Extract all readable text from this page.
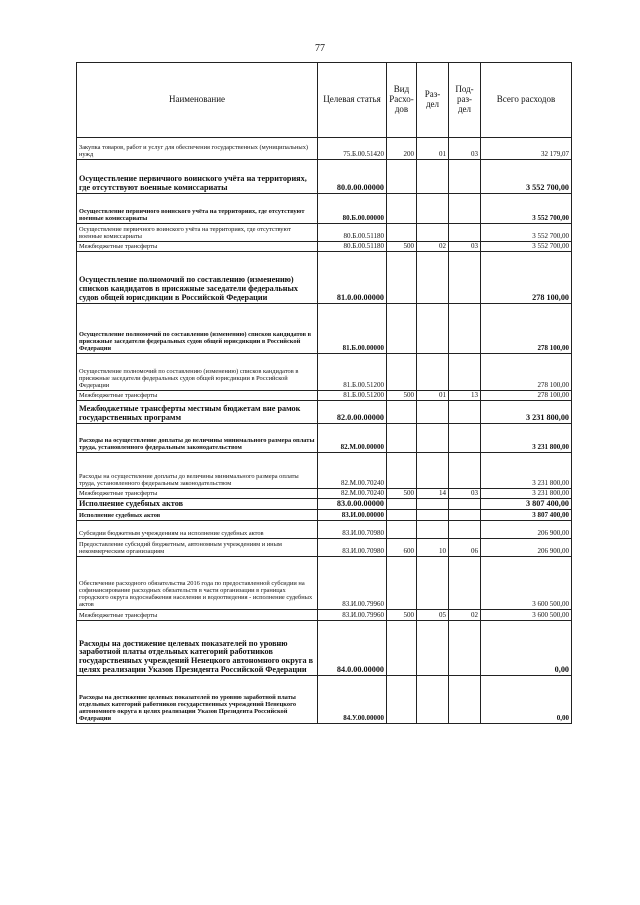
77
Наименование	Целевая статья	Вид Расхо-дов	Раз-дел	Под-раз-дел	Всего расходов
Закупка товаров, работ и услуг для обеспечения государственных (муниципальных) нужд	75.Б.00.51420	200	01	03	32 179,07
Осуществление первичного воинского учёта на территориях, где отсутствуют военные комиссариаты	80.0.00.00000				3 552 700,00
Осуществление первичного воинского учёта на территориях, где отсутствуют военные комиссариаты	80.Б.00.00000				3 552 700,00
Осуществление первичного воинского учёта на территориях, где отсутствуют военные комиссариаты	80.Б.00.51180				3 552 700,00
Межбюджетные трансферты	80.Б.00.51180	500	02	03	3 552 700,00
Осуществление полномочий по составлению (изменению) списков кандидатов в присяжные заседатели федеральных судов общей юрисдикции в Российской Федерации	81.0.00.00000				278 100,00
Осуществление полномочий по составлению (изменению) списков кандидатов в присяжные заседатели федеральных судов общей юрисдикции в Российской Федерации	81.Б.00.00000				278 100,00
Осуществление полномочий по составлению (изменению) списков кандидатов в присяжные заседатели федеральных судов общей юрисдикции в Российской Федерации	81.Б.00.51200				278 100,00
Межбюджетные трансферты	81.Б.00.51200	500	01	13	278 100,00
Межбюджетные трансферты местным бюджетам вне рамок государственных программ	82.0.00.00000				3 231 800,00
Расходы на осуществление доплаты до величины минимального размера оплаты труда, установленного федеральным законодательством	82.М.00.00000				3 231 800,00
Расходы на осуществление доплаты до величины минимального размера оплаты труда, установленного федеральным законодательством	82.М.00.70240				3 231 800,00
Межбюджетные трансферты	82.М.00.70240	500	14	03	3 231 800,00
Исполнение судебных актов	83.0.00.00000				3 807 400,00
Исполнение судебных актов	83.И.00.00000				3 807 400,00
Субсидии бюджетным учреждениям на исполнение судебных актов	83.И.00.70980				206 900,00
Предоставление субсидий бюджетным, автономным учреждениям и иным некоммерческим организациям	83.И.00.70980	600	10	06	206 900,00
Обеспечение расходного обязательства 2016 года по предоставленной субсидии на софинансирование расходных обязательств в части организации в границах городского округа водоснабжения населения и водоотведения - исполнение судебных актов	83.И.00.79960				3 600 500,00
Межбюджетные трансферты	83.И.00.79960	500	05	02	3 600 500,00
Расходы на достижение целевых показателей по уровню заработной платы отдельных категорий работников государственных учреждений Ненецкого автономного округа в целях реализации Указов Президента Российской Федерации	84.0.00.00000				0,00
Расходы на достижение целевых показателей по уровню заработной платы отдельных категорий работников государственных учреждений Ненецкого автономного округа в целях реализации Указов Президента Российской Федерации	84.У.00.00000				0,00
